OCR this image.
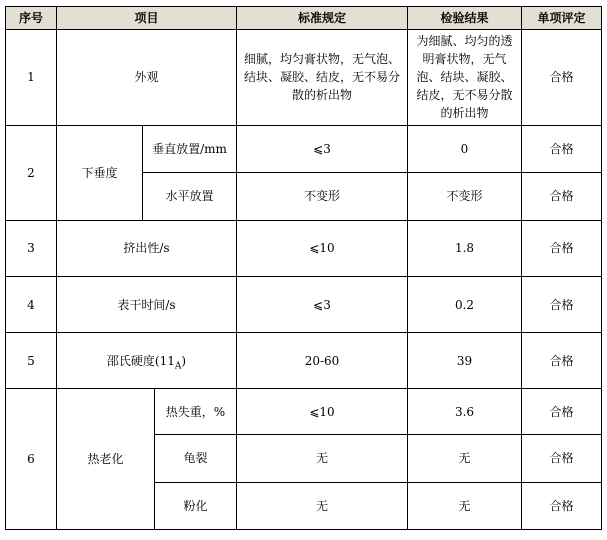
序号	项目			标准规定	检验结果	单项评定
1	外观			细腻，均匀膏状物，无气泡、结块、凝胶、结皮，无不易分散的析出物	为细腻、均匀的透明膏状物，无气泡、结块、凝胶、结皮，无不易分散的析出物	合格
2	下垂度	垂直放置/mm		⩽3	0	合格
		水平放置		不变形	不变形	合格
3	挤出性/s			⩽10	1.8	合格
4	表干时间/s			⩽3	0.2	合格
5	邵氏硬度$(11_A)$			20-60	39	合格
6	热老化		热失重，%	⩽10	3.6	合格
			龟裂	无	无	合格
			粉化	无	无	合格
